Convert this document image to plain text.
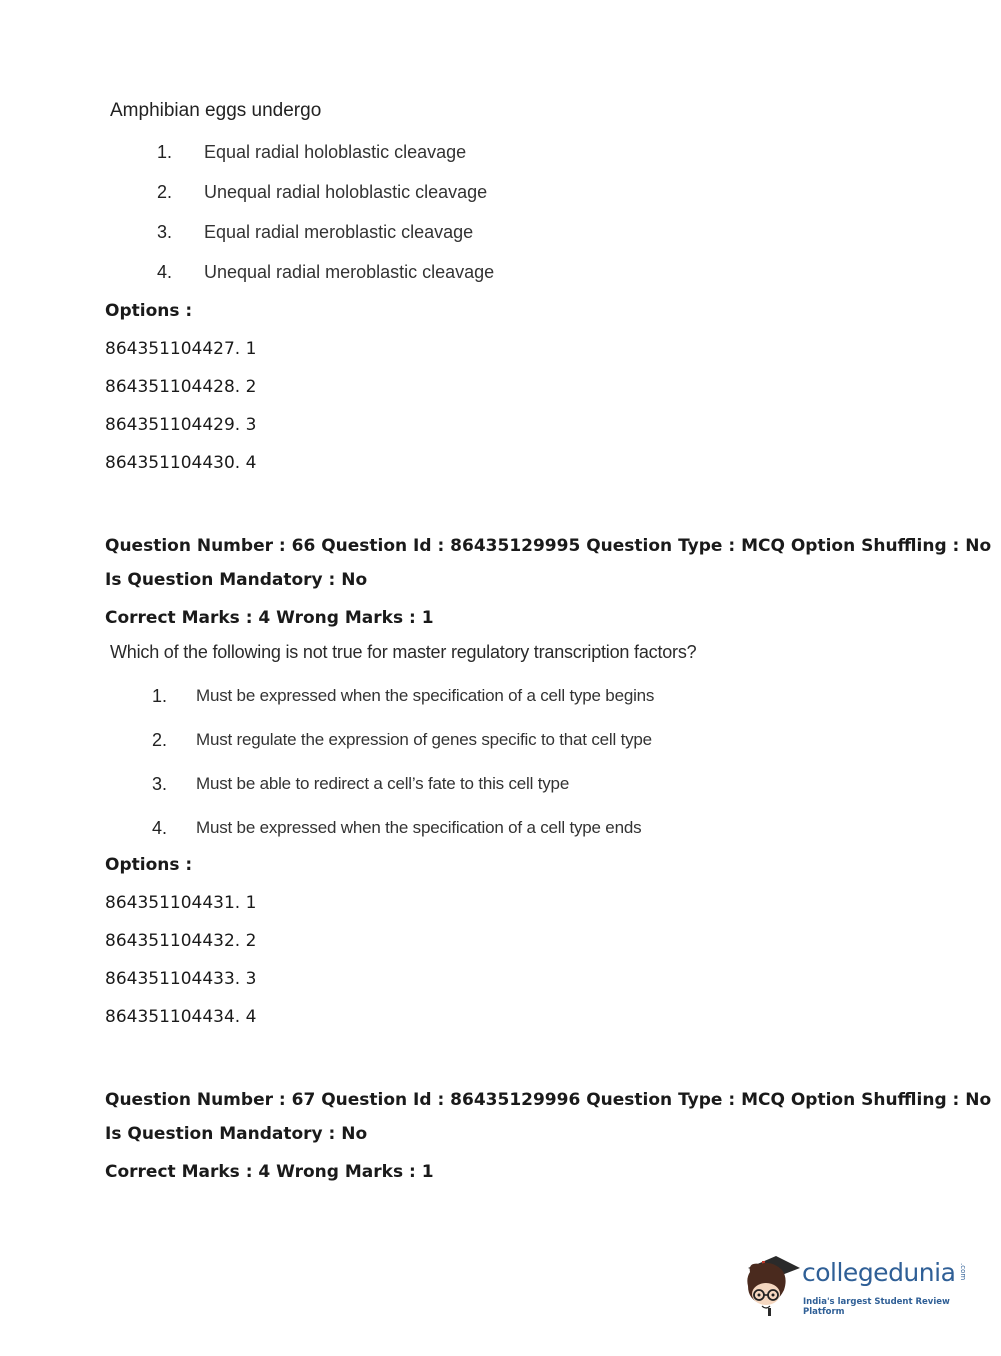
Amphibian eggs undergo
1. Equal radial holoblastic cleavage
2. Unequal radial holoblastic cleavage
3. Equal radial meroblastic cleavage
4. Unequal radial meroblastic cleavage
Options :
864351104427. 1
864351104428. 2
864351104429. 3
864351104430. 4
Question Number : 66 Question Id : 86435129995 Question Type : MCQ Option Shuffling : No
Is Question Mandatory : No
Correct Marks : 4 Wrong Marks : 1
Which of the following is not true for master regulatory transcription factors?
1. Must be expressed when the specification of a cell type begins
2. Must regulate the expression of genes specific to that cell type
3. Must be able to redirect a cell’s fate to this cell type
4. Must be expressed when the specification of a cell type ends
Options :
864351104431. 1
864351104432. 2
864351104433. 3
864351104434. 4
Question Number : 67 Question Id : 86435129996 Question Type : MCQ Option Shuffling : No
Is Question Mandatory : No
Correct Marks : 4 Wrong Marks : 1
collegedunia .com
India's largest Student Review Platform
